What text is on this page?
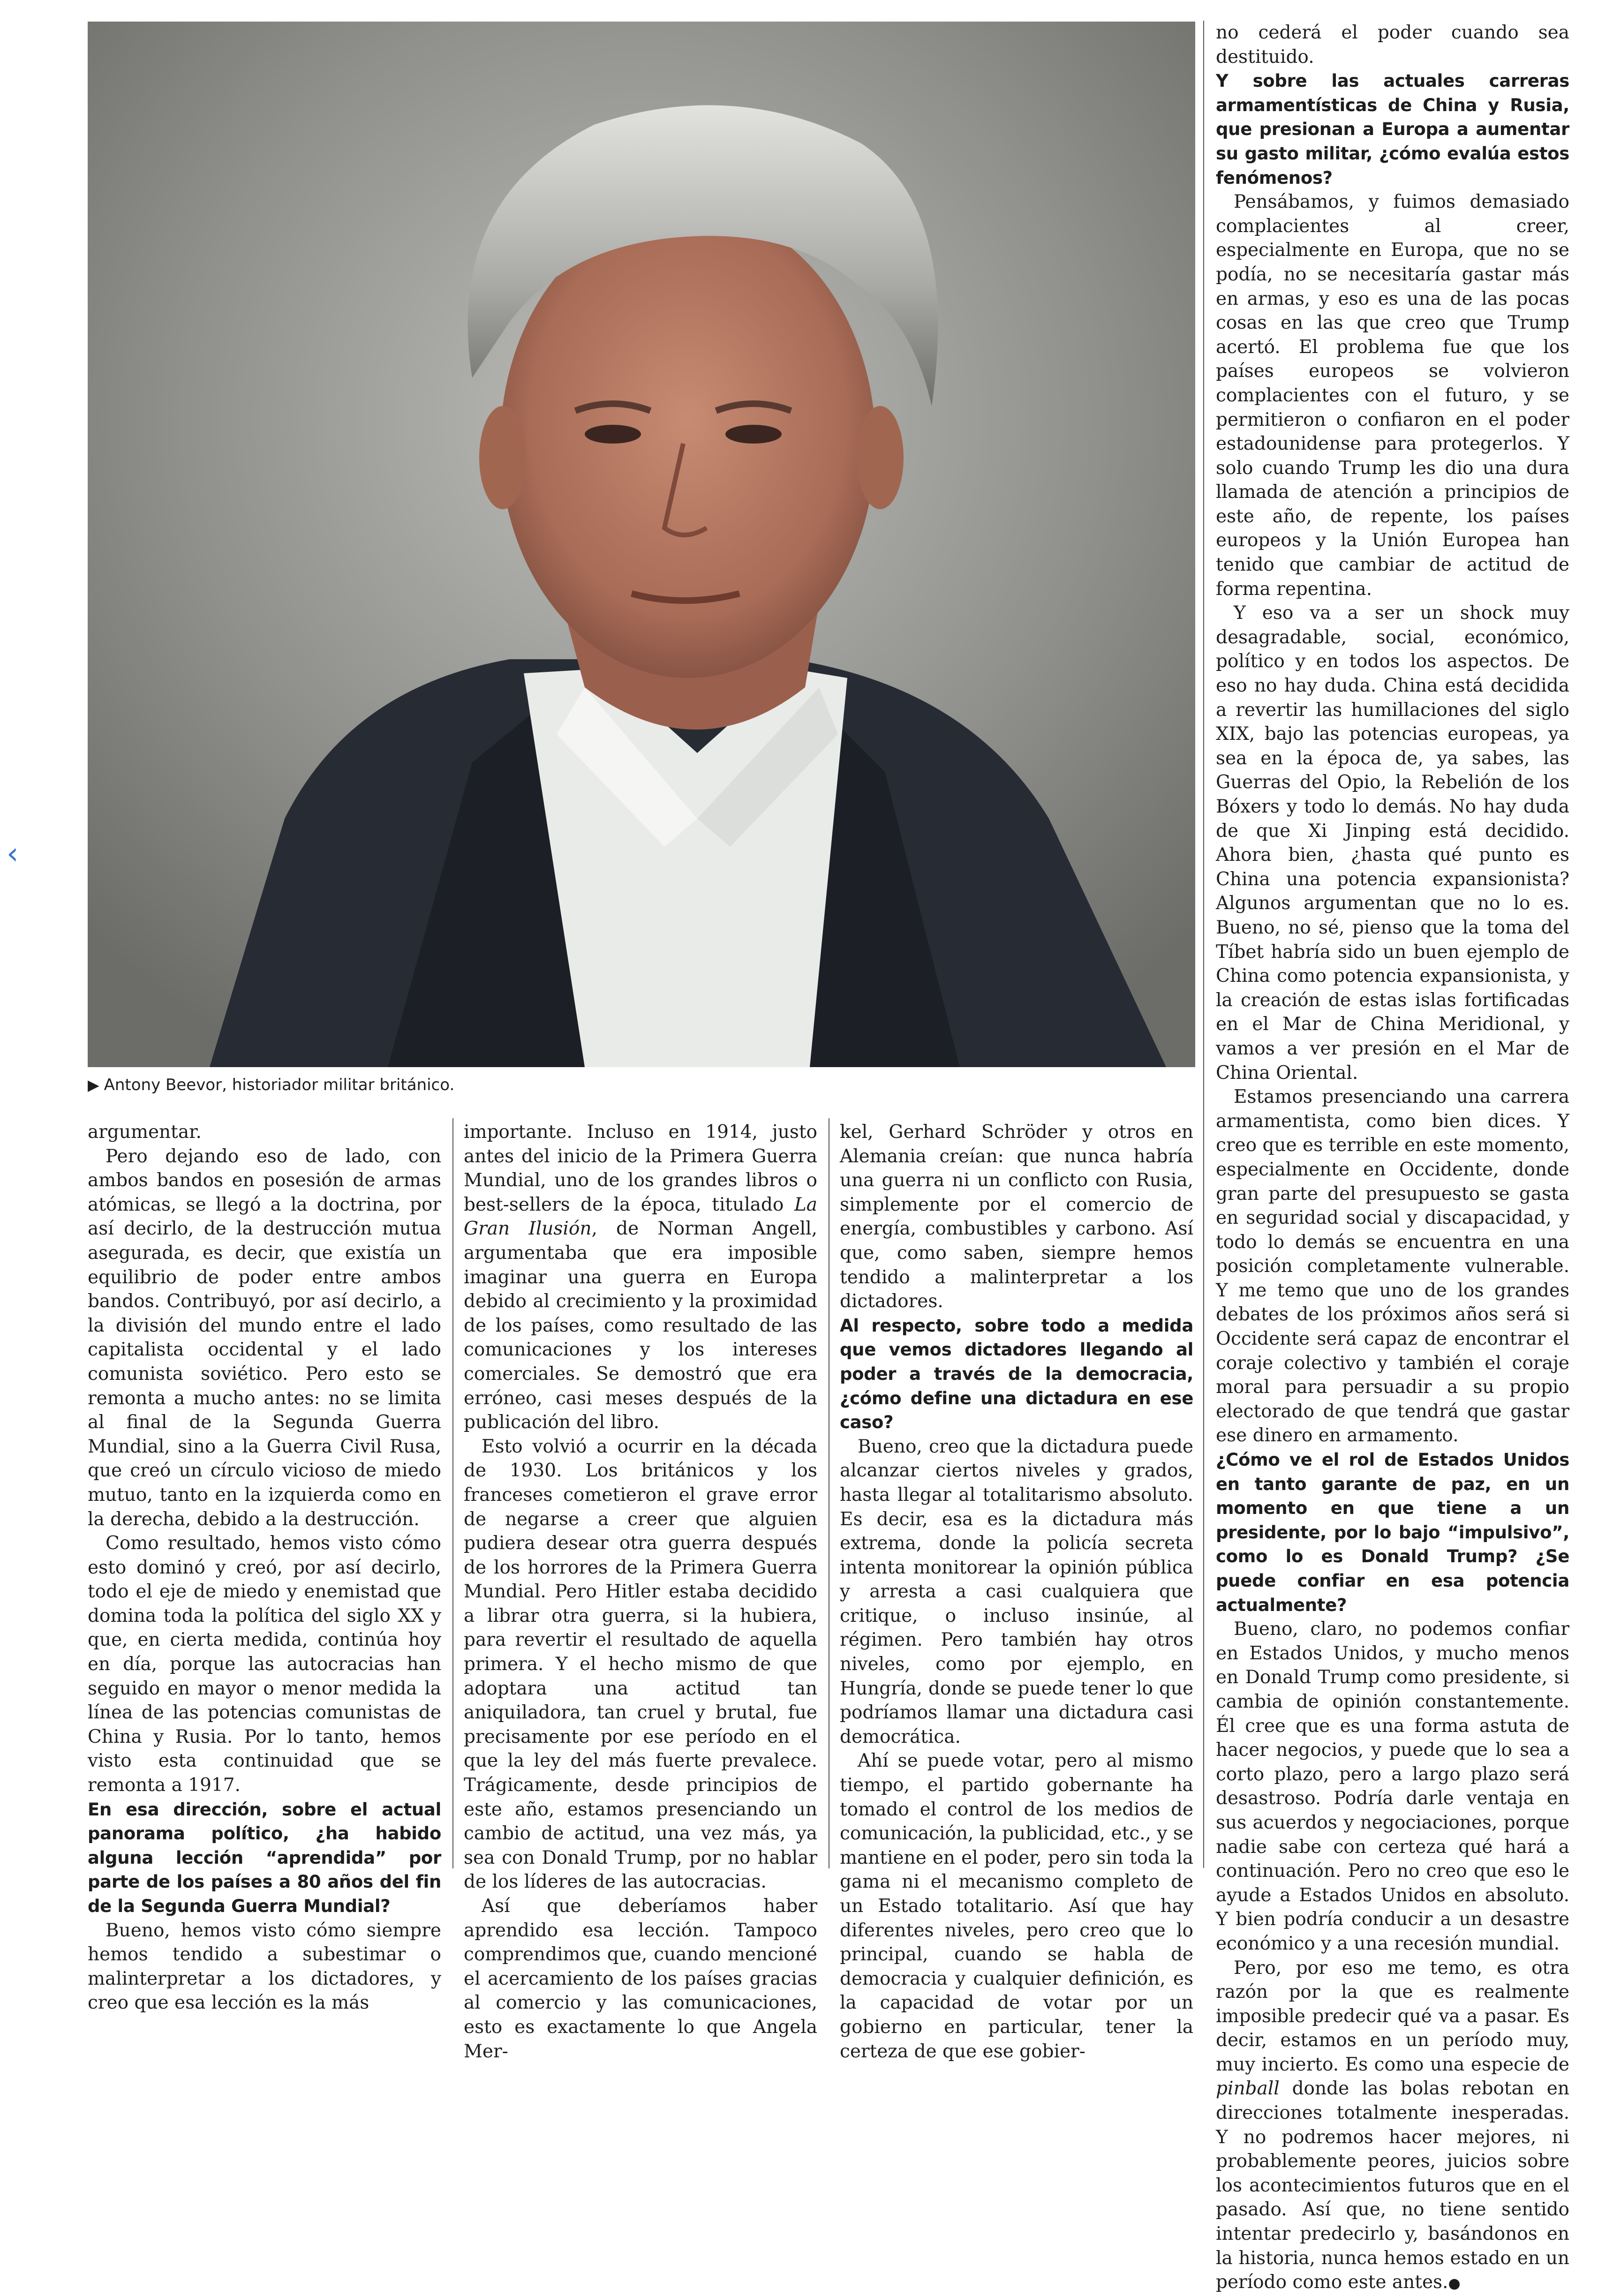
▶ Antony Beevor, historiador militar británico.
‹

argumentar.

Pero dejando eso de lado, con ambos bandos en posesión de armas atómicas, se llegó a la doctrina, por así decirlo, de la destrucción mutua asegurada, es decir, que existía un equilibrio de poder entre ambos bandos. Contribuyó, por así decirlo, a la división del mundo entre el lado capitalista occidental y el lado comunista soviético. Pero esto se remonta a mucho antes: no se limita al final de la Segunda Guerra Mundial, sino a la Guerra Civil Rusa, que creó un círculo vicioso de miedo mutuo, tanto en la izquierda como en la derecha, debido a la destrucción.

Como resultado, hemos visto cómo esto dominó y creó, por así decirlo, todo el eje de miedo y enemistad que domina toda la política del siglo XX y que, en cierta medida, continúa hoy en día, porque las autocracias han seguido en mayor o menor medida la línea de las potencias comunistas de China y Rusia. Por lo tanto, hemos visto esta continuidad que se remonta a 1917.

En esa dirección, sobre el actual panorama político, ¿ha habido alguna lección “aprendida” por parte de los países a 80 años del fin de la Segunda Guerra Mundial?

Bueno, hemos visto cómo siempre hemos tendido a subestimar o malinterpretar a los dictadores, y creo que esa lección es la más

importante. Incluso en 1914, justo antes del inicio de la Primera Guerra Mundial, uno de los grandes libros o best-sellers de la época, titulado La Gran Ilusión, de Norman Angell, argumentaba que era imposible imaginar una guerra en Europa debido al crecimiento y la proximidad de los países, como resultado de las comunicaciones y los intereses comerciales. Se demostró que era erróneo, casi meses después de la publicación del libro.

Esto volvió a ocurrir en la década de 1930. Los británicos y los franceses cometieron el grave error de negarse a creer que alguien pudiera desear otra guerra después de los horrores de la Primera Guerra Mundial. Pero Hitler estaba decidido a librar otra guerra, si la hubiera, para revertir el resultado de aquella primera. Y el hecho mismo de que adoptara una actitud tan aniquiladora, tan cruel y brutal, fue precisamente por ese período en el que la ley del más fuerte prevalece. Trágicamente, desde principios de este año, estamos presenciando un cambio de actitud, una vez más, ya sea con Donald Trump, por no hablar de los líderes de las autocracias.

Así que deberíamos haber aprendido esa lección. Tampoco comprendimos que, cuando mencioné el acercamiento de los países gracias al comercio y las comunicaciones, esto es exactamente lo que Angela Mer-

kel, Gerhard Schröder y otros en Alemania creían: que nunca habría una guerra ni un conflicto con Rusia, simplemente por el comercio de energía, combustibles y carbono. Así que, como saben, siempre hemos tendido a malinterpretar a los dictadores.

Al respecto, sobre todo a medida que vemos dictadores llegando al poder a través de la democracia, ¿cómo define una dictadura en ese caso?

Bueno, creo que la dictadura puede alcanzar ciertos niveles y grados, hasta llegar al totalitarismo absoluto. Es decir, esa es la dictadura más extrema, donde la policía secreta intenta monitorear la opinión pública y arresta a casi cualquiera que critique, o incluso insinúe, al régimen. Pero también hay otros niveles, como por ejemplo, en Hungría, donde se puede tener lo que podríamos llamar una dictadura casi democrática.

Ahí se puede votar, pero al mismo tiempo, el partido gobernante ha tomado el control de los medios de comunicación, la publicidad, etc., y se mantiene en el poder, pero sin toda la gama ni el mecanismo completo de un Estado totalitario. Así que hay diferentes niveles, pero creo que lo principal, cuando se habla de democracia y cualquier definición, es la capacidad de votar por un gobierno en particular, tener la certeza de que ese gobier-

no cederá el poder cuando sea destituido.

Y sobre las actuales carreras armamentísticas de China y Rusia, que presionan a Europa a aumentar su gasto militar, ¿cómo evalúa estos fenómenos?

Pensábamos, y fuimos demasiado complacientes al creer, especialmente en Europa, que no se podía, no se necesitaría gastar más en armas, y eso es una de las pocas cosas en las que creo que Trump acertó. El problema fue que los países europeos se volvieron complacientes con el futuro, y se permitieron o confiaron en el poder estadounidense para protegerlos. Y solo cuando Trump les dio una dura llamada de atención a principios de este año, de repente, los países europeos y la Unión Europea han tenido que cambiar de actitud de forma repentina.

Y eso va a ser un shock muy desagradable, social, económico, político y en todos los aspectos. De eso no hay duda. China está decidida a revertir las humillaciones del siglo XIX, bajo las potencias europeas, ya sea en la época de, ya sabes, las Guerras del Opio, la Rebelión de los Bóxers y todo lo demás. No hay duda de que Xi Jinping está decidido. Ahora bien, ¿hasta qué punto es China una potencia expansionista? Algunos argumentan que no lo es. Bueno, no sé, pienso que la toma del Tíbet habría sido un buen ejemplo de China como potencia expansionista, y la creación de estas islas fortificadas en el Mar de China Meridional, y vamos a ver presión en el Mar de China Oriental.

Estamos presenciando una carrera armamentista, como bien dices. Y creo que es terrible en este momento, especialmente en Occidente, donde gran parte del presupuesto se gasta en seguridad social y discapacidad, y todo lo demás se encuentra en una posición completamente vulnerable. Y me temo que uno de los grandes debates de los próximos años será si Occidente será capaz de encontrar el coraje colectivo y también el coraje moral para persuadir a su propio electorado de que tendrá que gastar ese dinero en armamento.

¿Cómo ve el rol de Estados Unidos en tanto garante de paz, en un momento en que tiene a un presidente, por lo bajo “impulsivo”, como lo es Donald Trump? ¿Se puede confiar en esa potencia actualmente?

Bueno, claro, no podemos confiar en Estados Unidos, y mucho menos en Donald Trump como presidente, si cambia de opinión constantemente. Él cree que es una forma astuta de hacer negocios, y puede que lo sea a corto plazo, pero a largo plazo será desastroso. Podría darle ventaja en sus acuerdos y negociaciones, porque nadie sabe con certeza qué hará a continuación. Pero no creo que eso le ayude a Estados Unidos en absoluto. Y bien podría conducir a un desastre económico y a una recesión mundial.

Pero, por eso me temo, es otra razón por la que es realmente imposible predecir qué va a pasar. Es decir, estamos en un período muy, muy incierto. Es como una especie de pinball donde las bolas rebotan en direcciones totalmente inesperadas. Y no podremos hacer mejores, ni probablemente peores, juicios sobre los acontecimientos futuros que en el pasado. Así que, no tiene sentido intentar predecirlo y, basándonos en la historia, nunca hemos estado en un período como este antes.●
